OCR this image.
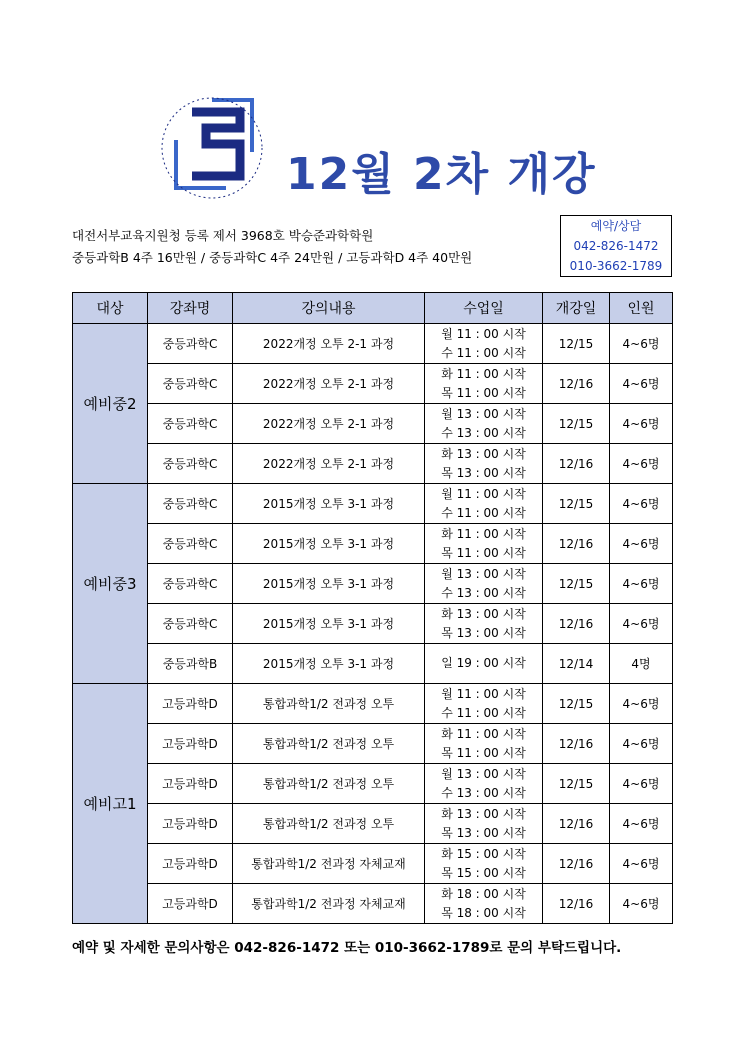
12월 2차 개강
대전서부교육지원청 등록 제서 3968호 박승준과학학원
중등과학B 4주 16만원 / 중등과학C 4주 24만원 / 고등과학D 4주 40만원
예약/상담
042-826-1472
010-3662-1789
대상	강좌명	강의내용	수업일	개강일	인원
예비중2	중등과학C	2022개정 오투 2-1 과정	월 11 : 00 시작
수 11 : 00 시작	12/15	4~6명
	중등과학C	2022개정 오투 2-1 과정	화 11 : 00 시작
목 11 : 00 시작	12/16	4~6명
	중등과학C	2022개정 오투 2-1 과정	월 13 : 00 시작
수 13 : 00 시작	12/15	4~6명
	중등과학C	2022개정 오투 2-1 과정	화 13 : 00 시작
목 13 : 00 시작	12/16	4~6명
예비중3	중등과학C	2015개정 오투 3-1 과정	월 11 : 00 시작
수 11 : 00 시작	12/15	4~6명
	중등과학C	2015개정 오투 3-1 과정	화 11 : 00 시작
목 11 : 00 시작	12/16	4~6명
	중등과학C	2015개정 오투 3-1 과정	월 13 : 00 시작
수 13 : 00 시작	12/15	4~6명
	중등과학C	2015개정 오투 3-1 과정	화 13 : 00 시작
목 13 : 00 시작	12/16	4~6명
	중등과학B	2015개정 오투 3-1 과정	일 19 : 00 시작	12/14	4명
예비고1	고등과학D	통합과학1/2 전과정 오투	월 11 : 00 시작
수 11 : 00 시작	12/15	4~6명
	고등과학D	통합과학1/2 전과정 오투	화 11 : 00 시작
목 11 : 00 시작	12/16	4~6명
	고등과학D	통합과학1/2 전과정 오투	월 13 : 00 시작
수 13 : 00 시작	12/15	4~6명
	고등과학D	통합과학1/2 전과정 오투	화 13 : 00 시작
목 13 : 00 시작	12/16	4~6명
	고등과학D	통합과학1/2 전과정 자체교재	화 15 : 00 시작
목 15 : 00 시작	12/16	4~6명
	고등과학D	통합과학1/2 전과정 자체교재	화 18 : 00 시작
목 18 : 00 시작	12/16	4~6명
예약 및 자세한 문의사항은 042-826-1472 또는 010-3662-1789로 문의 부탁드립니다.
